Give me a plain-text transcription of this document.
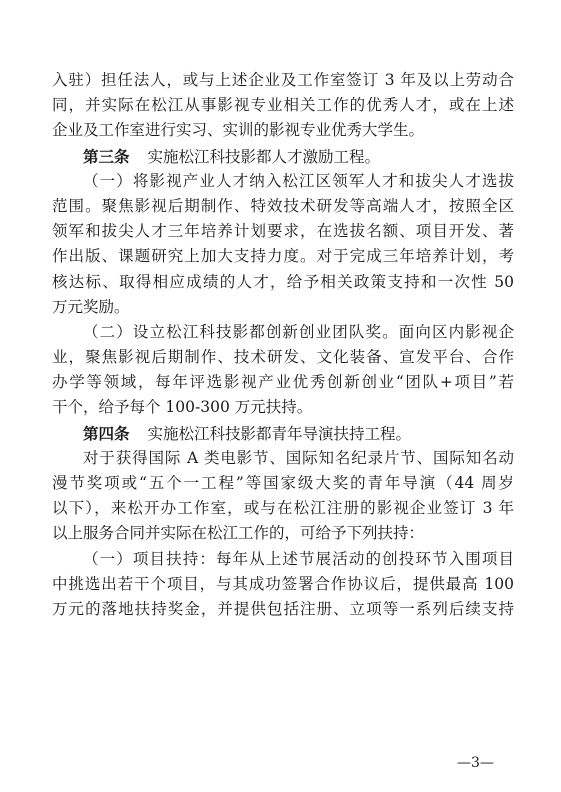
入驻）担任法人，或与上述企业及工作室签订 3 年及以上劳动合
同，并实际在松江从事影视专业相关工作的优秀人才，或在上述
企业及工作室进行实习、实训的影视专业优秀大学生。
第三条 实施松江科技影都人才激励工程。
（一）将影视产业人才纳入松江区领军人才和拔尖人才选拔
范围。聚焦影视后期制作、特效技术研发等高端人才，按照全区
领军和拔尖人才三年培养计划要求，在选拔名额、项目开发、著
作出版、课题研究上加大支持力度。对于完成三年培养计划，考
核达标、取得相应成绩的人才，给予相关政策支持和一次性 50
万元奖励。
（二）设立松江科技影都创新创业团队奖。面向区内影视企
业，聚焦影视后期制作、技术研发、文化装备、宣发平台、合作
办学等领域，每年评选影视产业优秀创新创业“团队+项目”若
干个，给予每个 100-300 万元扶持。
第四条 实施松江科技影都青年导演扶持工程。
对于获得国际 A 类电影节、国际知名纪录片节、国际知名动
漫节奖项或“五个一工程”等国家级大奖的青年导演（44 周岁
以下），来松开办工作室，或与在松江注册的影视企业签订 3 年
以上服务合同并实际在松江工作的，可给予下列扶持：
（一）项目扶持：每年从上述节展活动的创投环节入围项目
中挑选出若干个项目，与其成功签署合作协议后，提供最高 100
万元的落地扶持奖金，并提供包括注册、立项等一系列后续支持
—3—
